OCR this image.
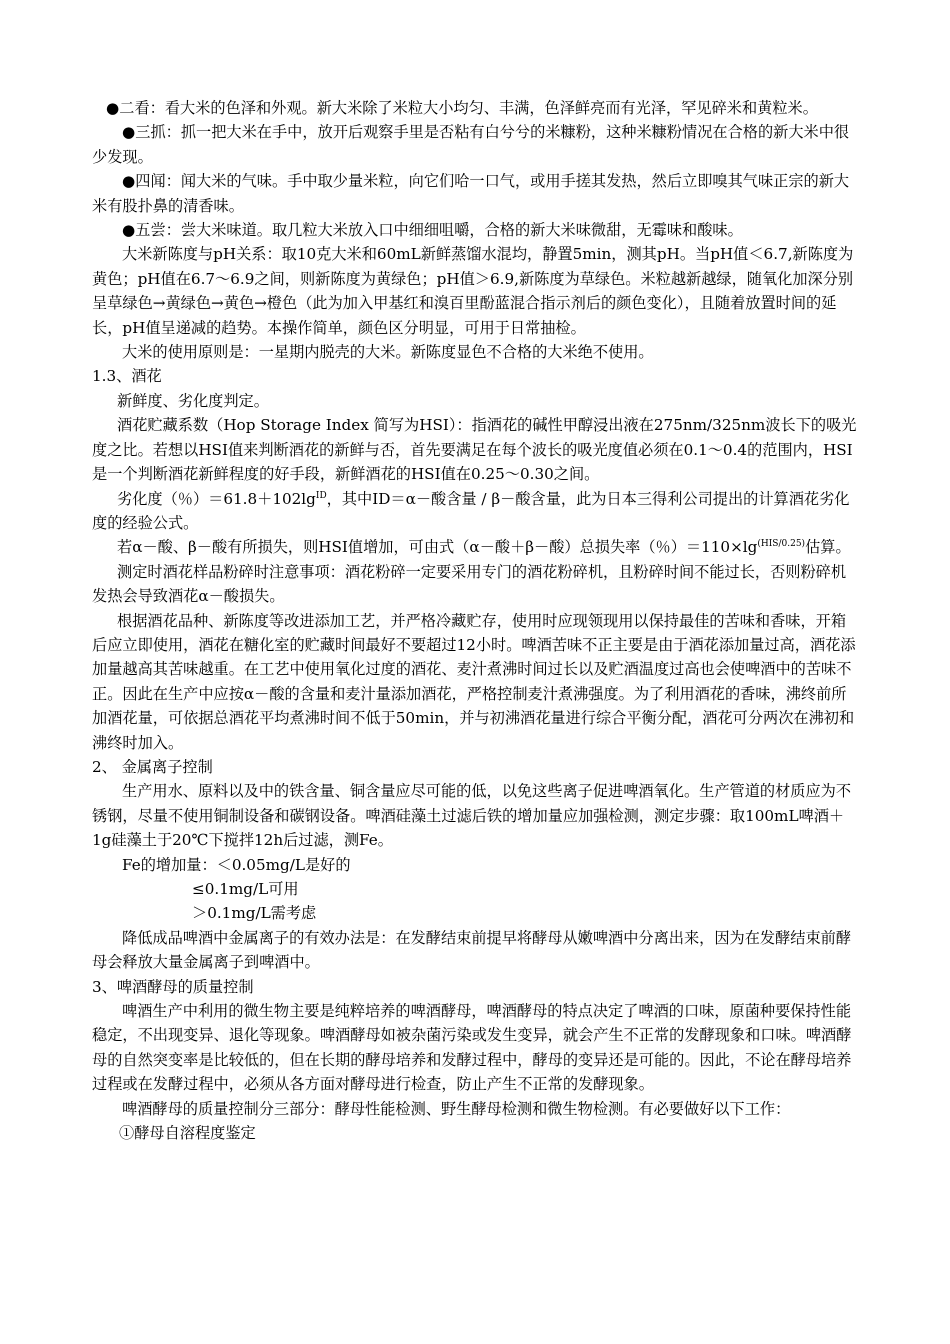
●二看：看大米的色泽和外观。新大米除了米粒大小均匀、丰满，色泽鲜亮而有光泽，罕见碎米和黄粒米。

●三抓：抓一把大米在手中，放开后观察手里是否粘有白兮兮的米糠粉，这种米糠粉情况在合格的新大米中很少发现。

●四闻：闻大米的气味。手中取少量米粒，向它们哈一口气，或用手搓其发热，然后立即嗅其气味正宗的新大米有股扑鼻的清香味。

●五尝：尝大米味道。取几粒大米放入口中细细咀嚼，合格的新大米味微甜，无霉味和酸味。

大米新陈度与pH关系：取10克大米和60mL新鲜蒸馏水混均，静置5min，测其pH。当pH值＜6.7,新陈度为黄色；pH值在6.7～6.9之间，则新陈度为黄绿色；pH值＞6.9,新陈度为草绿色。米粒越新越绿，随氧化加深分别呈草绿色→黄绿色→黄色→橙色（此为加入甲基红和溴百里酚蓝混合指示剂后的颜色变化），且随着放置时间的延长，pH值呈递减的趋势。本操作简单，颜色区分明显，可用于日常抽检。

大米的使用原则是：一星期内脱壳的大米。新陈度显色不合格的大米绝不使用。

1.3、酒花

新鲜度、劣化度判定。

酒花贮藏系数（Hop Storage Index 简写为HSI）：指酒花的碱性甲醇浸出液在275nm/325nm波长下的吸光度之比。若想以HSI值来判断酒花的新鲜与否，首先要满足在每个波长的吸光度值必须在0.1～0.4的范围内，HSI是一个判断酒花新鲜程度的好手段，新鲜酒花的HSI值在0.25～0.30之间。

劣化度（％）$=61.8+102\lg^{ID}$，其中ID＝α－酸含量 / β－酸含量，此为日本三得利公司提出的计算酒花劣化度的经验公式。

若α－酸、β－酸有所损失，则HSI值增加，可由式（α－酸＋β－酸）总损失率（％）$=110\times\lg^{(HIS/0.25)}$估算。

测定时酒花样品粉碎时注意事项：酒花粉碎一定要采用专门的酒花粉碎机，且粉碎时间不能过长，否则粉碎机发热会导致酒花α－酸损失。

根据酒花品种、新陈度等改进添加工艺，并严格冷藏贮存，使用时应现领现用以保持最佳的苦味和香味，开箱后应立即使用，酒花在糖化室的贮藏时间最好不要超过12小时。啤酒苦味不正主要是由于酒花添加量过高，酒花添加量越高其苦味越重。在工艺中使用氧化过度的酒花、麦汁煮沸时间过长以及贮酒温度过高也会使啤酒中的苦味不正。因此在生产中应按α－酸的含量和麦汁量添加酒花，严格控制麦汁煮沸强度。为了利用酒花的香味，沸终前所加酒花量，可依据总酒花平均煮沸时间不低于50min，并与初沸酒花量进行综合平衡分配，酒花可分两次在沸初和沸终时加入。

2、 金属离子控制

生产用水、原料以及中的铁含量、铜含量应尽可能的低，以免这些离子促进啤酒氧化。生产管道的材质应为不锈钢，尽量不使用铜制设备和碳钢设备。啤酒硅藻土过滤后铁的增加量应加强检测，测定步骤：取100mL啤酒＋1g硅藻土于20℃下搅拌12h后过滤，测Fe。

Fe的增加量：＜0.05mg/L是好的

≤0.1mg/L可用

＞0.1mg/L需考虑

降低成品啤酒中金属离子的有效办法是：在发酵结束前提早将酵母从嫩啤酒中分离出来，因为在发酵结束前酵母会释放大量金属离子到啤酒中。

3、啤酒酵母的质量控制

啤酒生产中利用的微生物主要是纯粹培养的啤酒酵母，啤酒酵母的特点决定了啤酒的口味，原菌种要保持性能稳定，不出现变异、退化等现象。啤酒酵母如被杂菌污染或发生变异，就会产生不正常的发酵现象和口味。啤酒酵母的自然突变率是比较低的，但在长期的酵母培养和发酵过程中，酵母的变异还是可能的。因此，不论在酵母培养过程或在发酵过程中，必须从各方面对酵母进行检查，防止产生不正常的发酵现象。

啤酒酵母的质量控制分三部分：酵母性能检测、野生酵母检测和微生物检测。有必要做好以下工作：

①酵母自溶程度鉴定
